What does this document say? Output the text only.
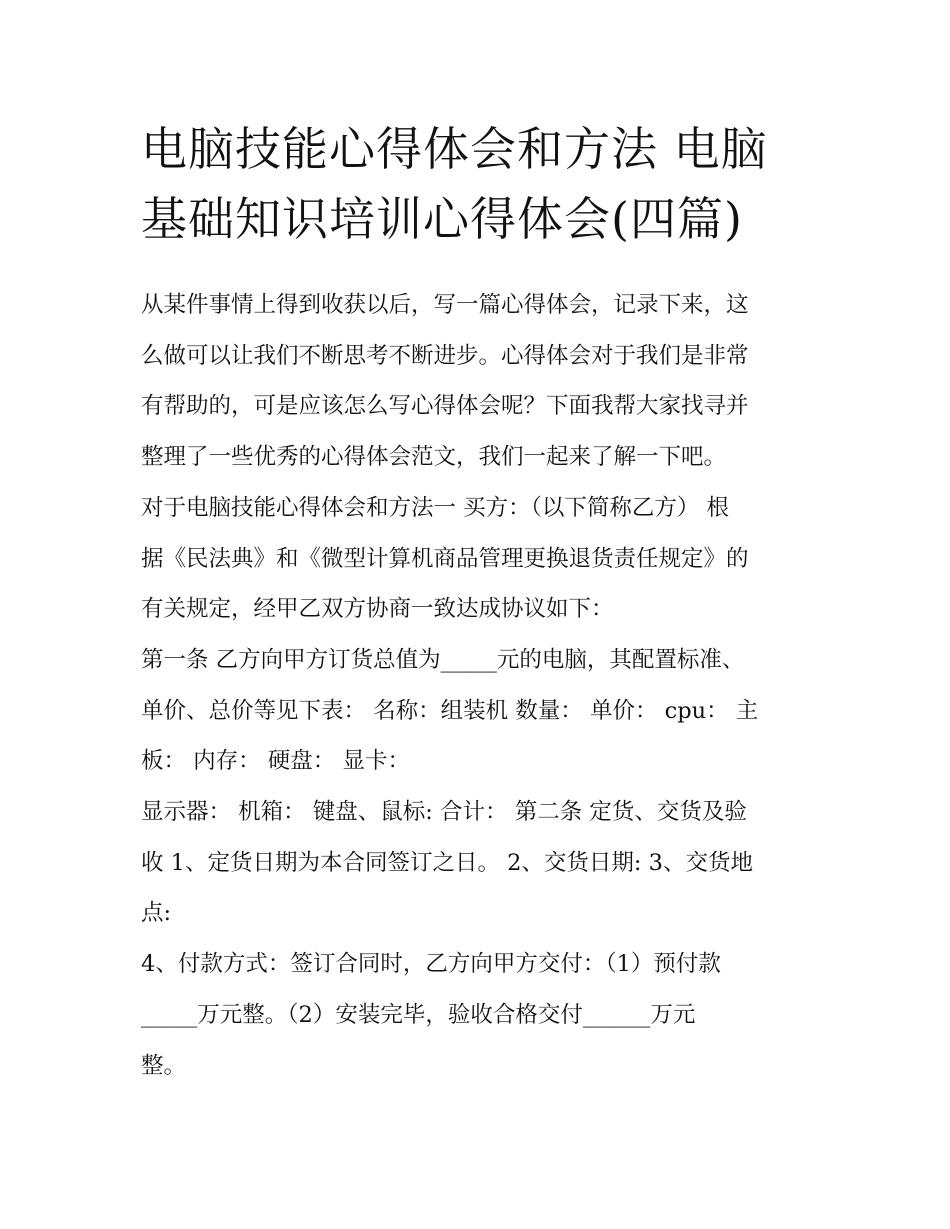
电脑技能心得体会和方法 电脑
基础知识培训心得体会(四篇)
从某件事情上得到收获以后，写一篇心得体会，记录下来，这
么做可以让我们不断思考不断进步。心得体会对于我们是非常
有帮助的，可是应该怎么写心得体会呢？下面我帮大家找寻并
整理了一些优秀的心得体会范文，我们一起来了解一下吧。
对于电脑技能心得体会和方法一 买方：（以下简称乙方） 根
据《民法典》和《微型计算机商品管理更换退货责任规定》的
有关规定，经甲乙双方协商一致达成协议如下：
第一条 乙方向甲方订货总值为_____元的电脑，其配置标准、
单价、总价等见下表： 名称：组装机 数量： 单价： cpu： 主
板： 内存： 硬盘： 显卡：
显示器： 机箱： 键盘、鼠标: 合计： 第二条 定货、交货及验
收 1、定货日期为本合同签订之日。 2、交货日期: 3、交货地
点:
4、付款方式：签订合同时，乙方向甲方交付：（1）预付款
_____万元整。（2）安装完毕，验收合格交付______万元
整。
